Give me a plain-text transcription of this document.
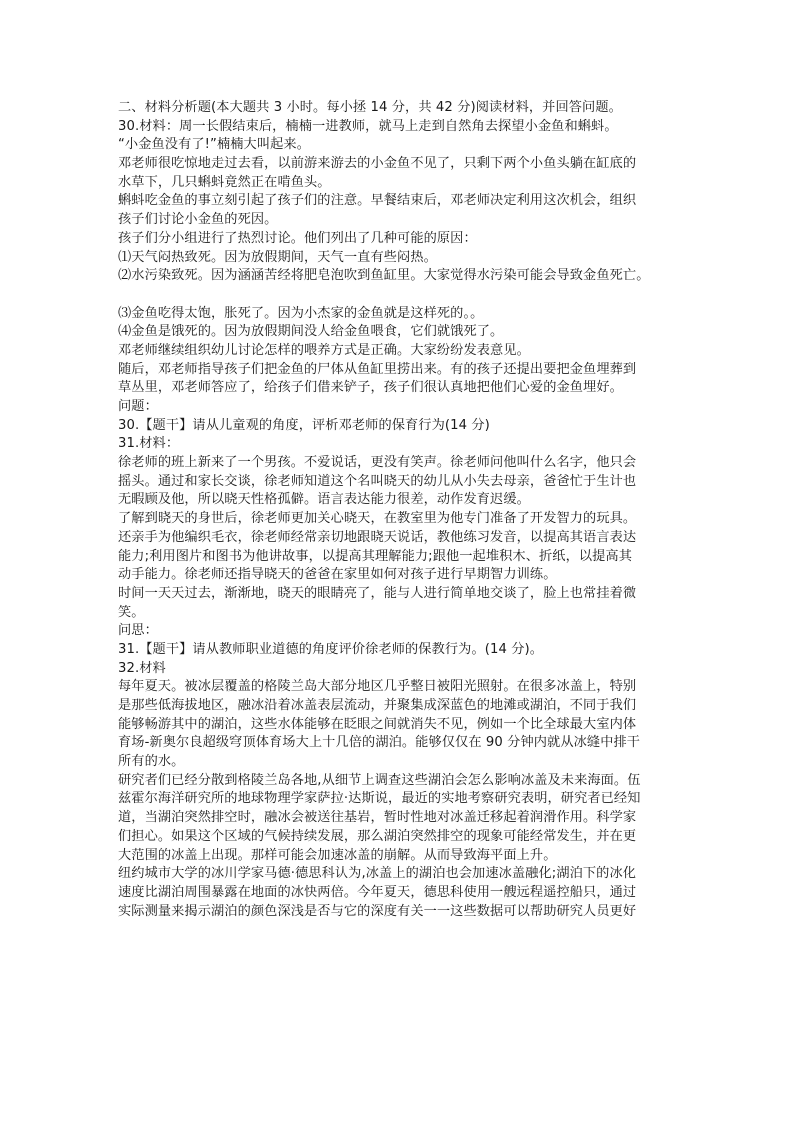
二、材料分析题(本大题共 3 小时。每小拯 14 分，共 42 分)阅读材料，并回答问题。
30.材料：周一长假结束后，楠楠一进教师，就马上走到自然角去探望小金鱼和蝌蚪。
“小金鱼没有了!”楠楠大叫起来。
邓老师很吃惊地走过去看，以前游来游去的小金鱼不见了，只剩下两个小鱼头躺在缸底的
水草下，几只蝌蚪竟然正在啃鱼头。
蝌蚪吃金鱼的事立刻引起了孩子们的注意。早餐结束后，邓老师决定利用这次机会，组织
孩子们讨论小金鱼的死因。
孩子们分小组进行了热烈讨论。他们列出了几种可能的原因：
⑴天气闷热致死。因为放假期间，天气一直有些闷热。
⑵水污染致死。因为涵涵苦经将肥皂泡吹到鱼缸里。大家觉得水污染可能会导致金鱼死亡。
⑶金鱼吃得太饱，胀死了。因为小杰家的金鱼就是这样死的。。
⑷金鱼是饿死的。因为放假期间没人给金鱼喂食，它们就饿死了。
邓老师继续组织幼儿讨论怎样的喂养方式是正确。大家纷纷发表意见。
随后，邓老师指导孩子们把金鱼的尸体从鱼缸里捞出来。有的孩子还提出要把金鱼埋葬到
草丛里，邓老师答应了，给孩子们借来铲子，孩子们很认真地把他们心爱的金鱼埋好。
问题：
30.【题干】请从儿童观的角度，评析邓老师的保育行为(14 分)
31.材料：
徐老师的班上新来了一个男孩。不爱说话，更没有笑声。徐老师问他叫什么名字，他只会
摇头。通过和家长交谈，徐老师知道这个名叫晓天的幼儿从小失去母亲，爸爸忙于生计也
无暇顾及他，所以晓天性格孤僻。语言表达能力很差，动作发育迟缓。
了解到晓天的身世后，徐老师更加关心晓天，在教室里为他专门准备了开发智力的玩具。
还亲手为他编织毛衣，徐老师经常亲切地跟晓天说话，教他练习发音，以提高其语言表达
能力;利用图片和图书为他讲故事，以提高其理解能力;跟他一起堆积木、折纸，以提高其
动手能力。徐老师还指导晓天的爸爸在家里如何对孩子进行早期智力训练。
时间一天天过去，渐渐地，晓天的眼睛亮了，能与人进行简单地交谈了，脸上也常挂着微
笑。
问思：
31.【题干】请从教师职业道德的角度评价徐老师的保教行为。(14 分)。
32.材料
每年夏天。被冰层覆盖的格陵兰岛大部分地区几乎整日被阳光照射。在很多冰盖上，特别
是那些低海拔地区，融冰沿着冰盖表层流动，并聚集成深蓝色的地滩或湖泊，不同于我们
能够畅游其中的湖泊，这些水体能够在眨眼之间就消失不见，例如一个比全球最大室内体
育场-新奥尔良超级穹顶体育场大上十几倍的湖泊。能够仅仅在 90 分钟内就从冰缝中排干
所有的水。
研究者们已经分散到格陵兰岛各地,从细节上调查这些湖泊会怎么影响冰盖及未来海面。伍
兹霍尔海洋研究所的地球物理学家萨拉·达斯说，最近的实地考察研究表明，研究者已经知
道，当湖泊突然排空时，融冰会被送往基岩，暂时性地对冰盖迁移起着润滑作用。科学家
们担心。如果这个区域的气候持续发展，那么湖泊突然排空的现象可能经常发生，并在更
大范围的冰盖上出现。那样可能会加速冰盖的崩解。从而导致海平面上升。
纽约城市大学的冰川学家马德·德思科认为,冰盖上的湖泊也会加速冰盖融化;湖泊下的冰化
速度比湖泊周围暴露在地面的冰快两倍。今年夏天，德思科使用一艘远程遥控船只，通过
实际测量来揭示湖泊的颜色深浅是否与它的深度有关一一这些数据可以帮助研究人员更好
